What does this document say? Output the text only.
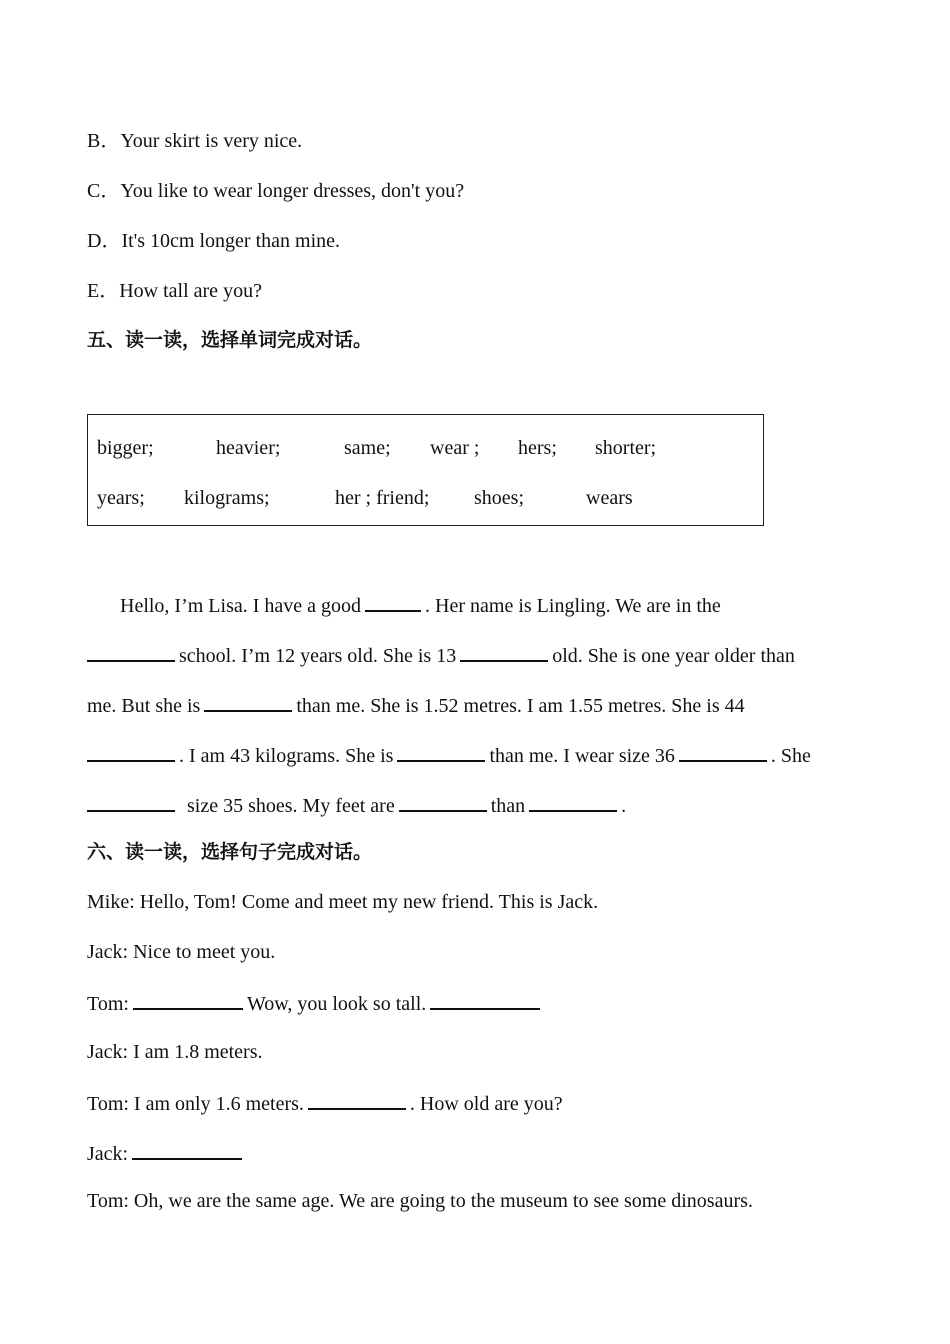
B．Your skirt is very nice.
C．You like to wear longer dresses, don't you?
D．It's 10cm longer than mine.
E．How tall are you?
五、读一读，选择单词完成对话。
bigger;	heavier;	same; wear ; hers; shorter;
years; kilograms;	her ; friend; shoes;	wears
Hello, I’m Lisa. I have a good	. Her name is Lingling. We are in the
school. I’m 12 years old. She is 13	old. She is one year older than
me. But she is	than me. She is 1.52 metres. I am 1.55 metres. She is 44
. I am 43 kilograms. She is	than me. I wear size 36	. She
size 35 shoes. My feet are	than	.
六、读一读，选择句子完成对话。
Mike: Hello, Tom! Come and meet my new friend. This is Jack.
Jack: Nice to meet you.
Tom:	Wow, you look so tall.
Jack: I am 1.8 meters.
Tom: I am only 1.6 meters.	. How old are you?
Jack:
Tom: Oh, we are the same age. We are going to the museum to see some dinosaurs.
